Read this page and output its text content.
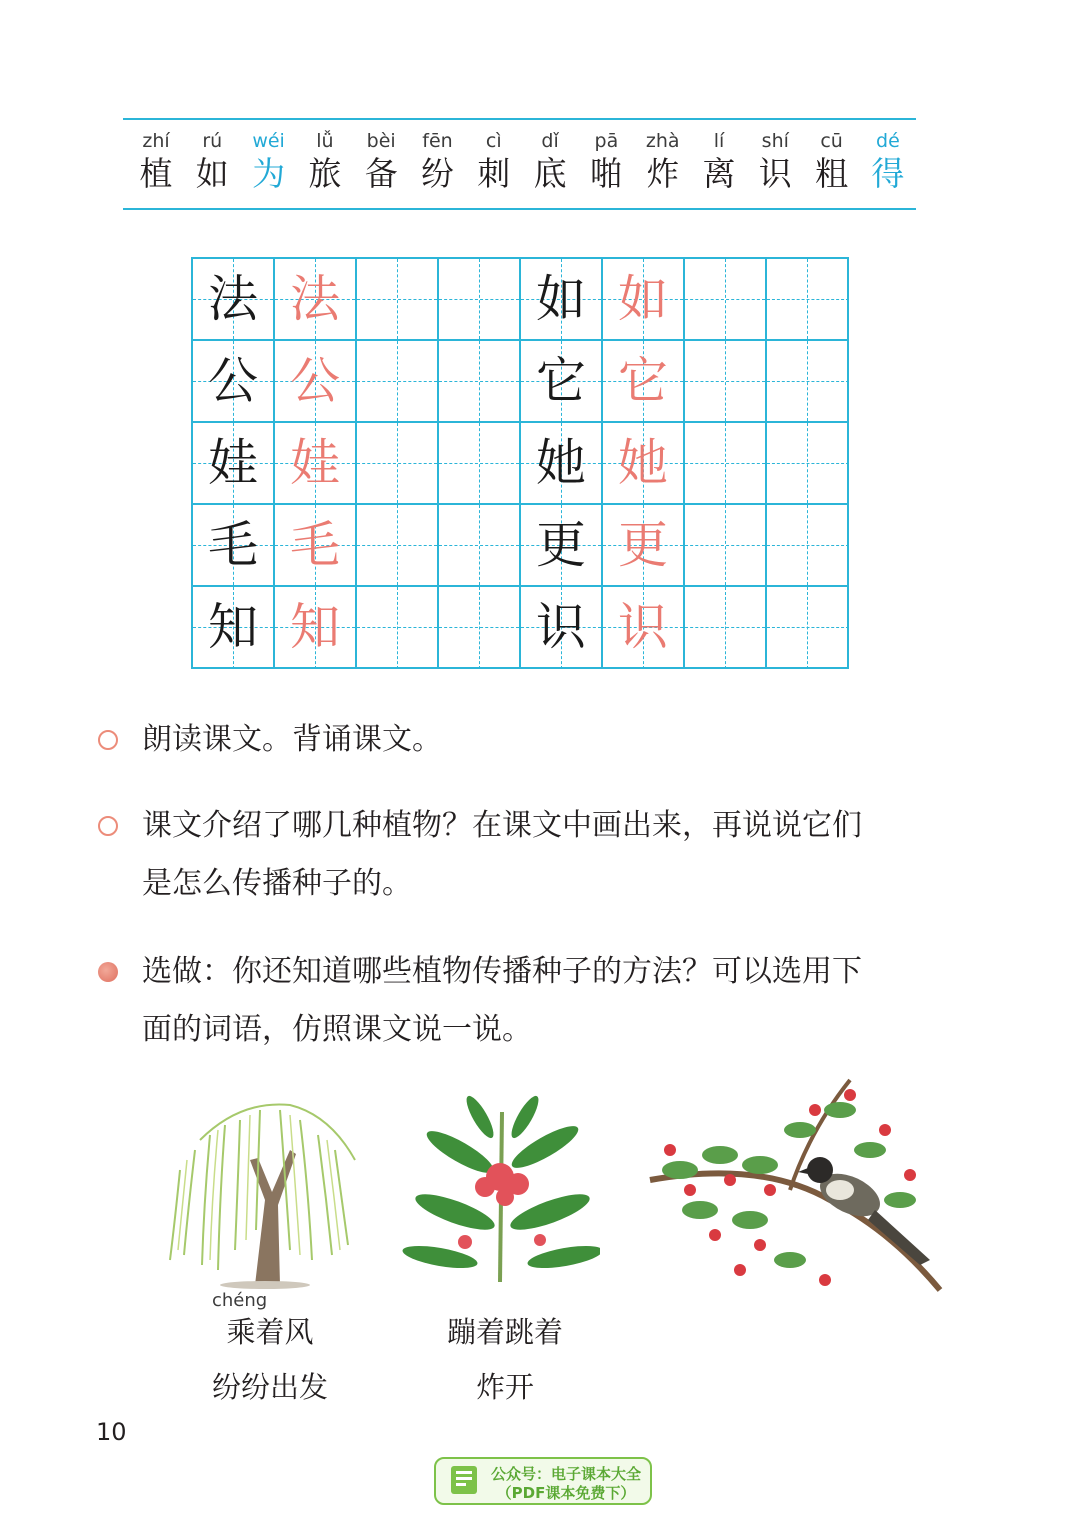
zhí
植
rú
如
wéi
为
lǚ
旅
bèi
备
fēn
纷
cì
刺
dǐ
底
pā
啪
zhà
炸
lí
离
shí
识
cū
粗
dé
得
法 法	如 如
公 公	它 它
娃 娃	她 她
毛 毛	更 更
知 知	识 识
朗读课文。背诵课文。
课文介绍了哪几种植物？在课文中画出来，再说说它们
是怎么传播种子的。
选做：你还知道哪些植物传播种子的方法？可以选用下
面的词语，仿照课文说一说。
chéng
乘着风
纷纷出发
蹦着跳着
炸开
10
公众号：电子课本大全
（PDF课本免费下）
